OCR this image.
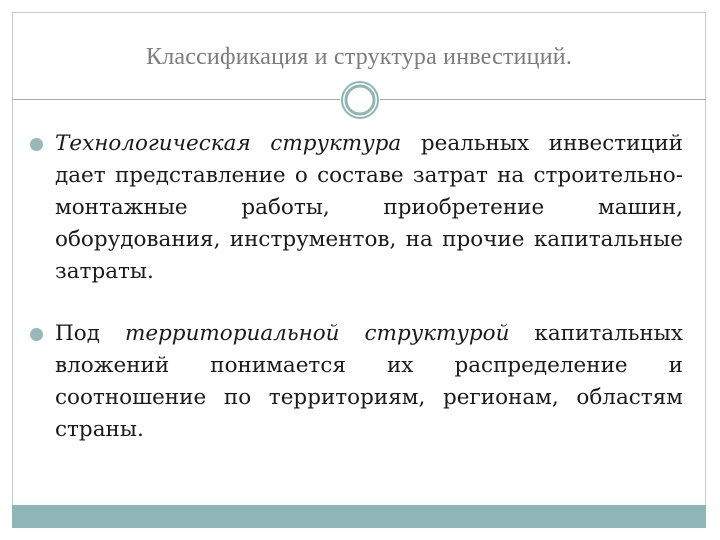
Классификация и структура инвестиций.
Технологическая структура реальных инвестиций дает представление о составе затрат на строительно-монтажные работы, приобретение машин, оборудования, инструментов, на прочие капитальные затраты.
Под территориальной структурой капитальных вложений понимается их распределение и соотношение по территориям, регионам, областям страны.
